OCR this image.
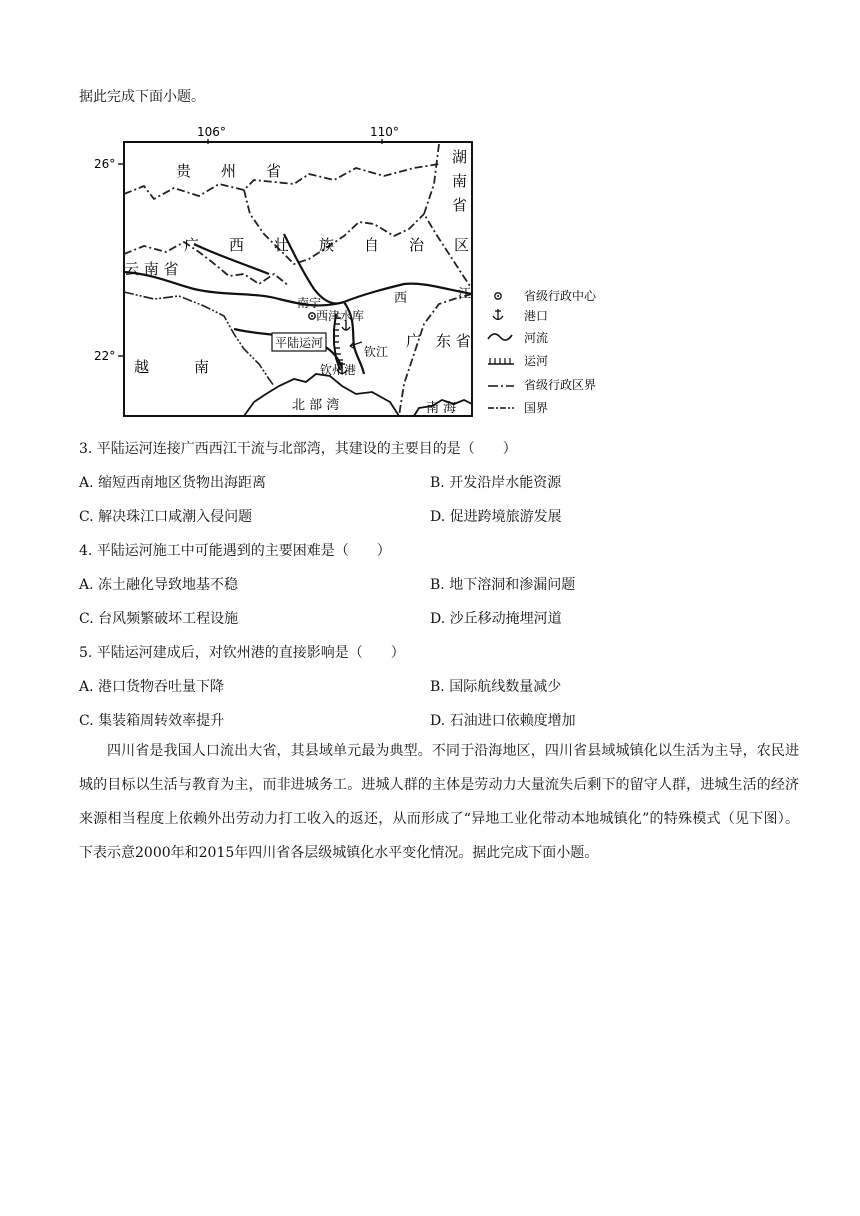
据此完成下面小题。
106°	110°
26°
22°
贵　　州　　省
广　　西　　壮　　族　　自　　治　　区
云 南 省
越　　　南
广　东 省
北 部 湾	南 海
湖
南
省
南宁
西津水库
平陆运河
钦江
钦州港
西	江	省级行政中心
港口
河流
运河
省级行政区界
国界
3. 平陆运河连接广西西江干流与北部湾，其建设的主要目的是（　　）
A. 缩短西南地区货物出海距离	B. 开发沿岸水能资源
C. 解决珠江口咸潮入侵问题	D. 促进跨境旅游发展
4. 平陆运河施工中可能遇到的主要困难是（　　）
A. 冻土融化导致地基不稳	B. 地下溶洞和渗漏问题
C. 台风频繁破坏工程设施	D. 沙丘移动掩埋河道
5. 平陆运河建成后，对钦州港的直接影响是（　　）
A. 港口货物吞吐量下降	B. 国际航线数量减少
C. 集装箱周转效率提升	D. 石油进口依赖度增加
四川省是我国人口流出大省，其县域单元最为典型。不同于沿海地区，四川省县域城镇化以生活为主导，农民进城的目标以生活与教育为主，而非进城务工。进城人群的主体是劳动力大量流失后剩下的留守人群，进城生活的经济来源相当程度上依赖外出劳动力打工收入的返还，从而形成了“异地工业化带动本地城镇化”的特殊模式（见下图）。下表示意2000年和2015年四川省各层级城镇化水平变化情况。据此完成下面小题。
